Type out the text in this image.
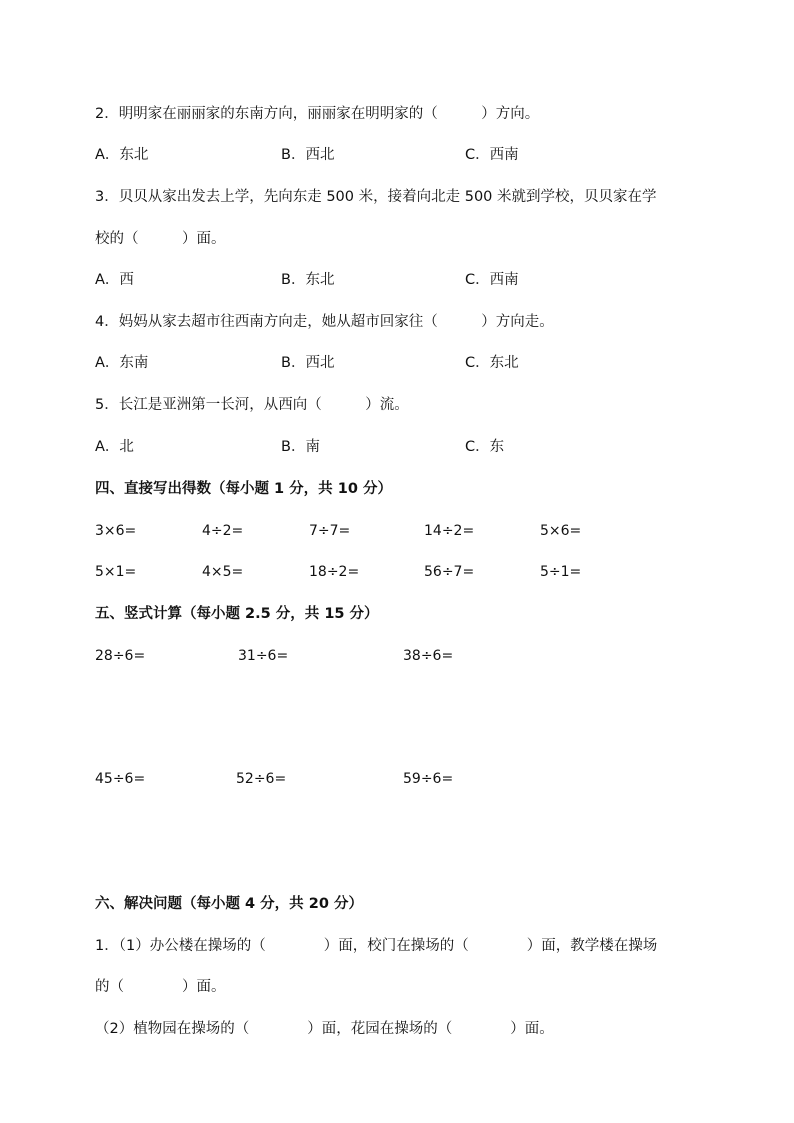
2．明明家在丽丽家的东南方向，丽丽家在明明家的（　　　）方向。
A．东北	B．西北	C．西南
3．贝贝从家出发去上学，先向东走 500 米，接着向北走 500 米就到学校，贝贝家在学
校的（　　　）面。
A．西	B．东北	C．西南
4．妈妈从家去超市往西南方向走，她从超市回家往（　　　）方向走。
A．东南	B．西北	C．东北
5．长江是亚洲第一长河，从西向（　　　）流。
A．北	B．南	C．东
四、直接写出得数（每小题 1 分，共 10 分）
3×6=	4÷2=	7÷7=	14÷2=	5×6=
5×1=	4×5=	18÷2=	56÷7=	5÷1=
五、竖式计算（每小题 2.5 分，共 15 分）
28÷6=	31÷6=	38÷6=
45÷6=	52÷6=	59÷6=
六、解决问题（每小题 4 分，共 20 分）
1．（1）办公楼在操场的（　　　　）面，校门在操场的（　　　　）面，教学楼在操场
的（　　　　）面。
（2）植物园在操场的（　　　　）面，花园在操场的（　　　　）面。
